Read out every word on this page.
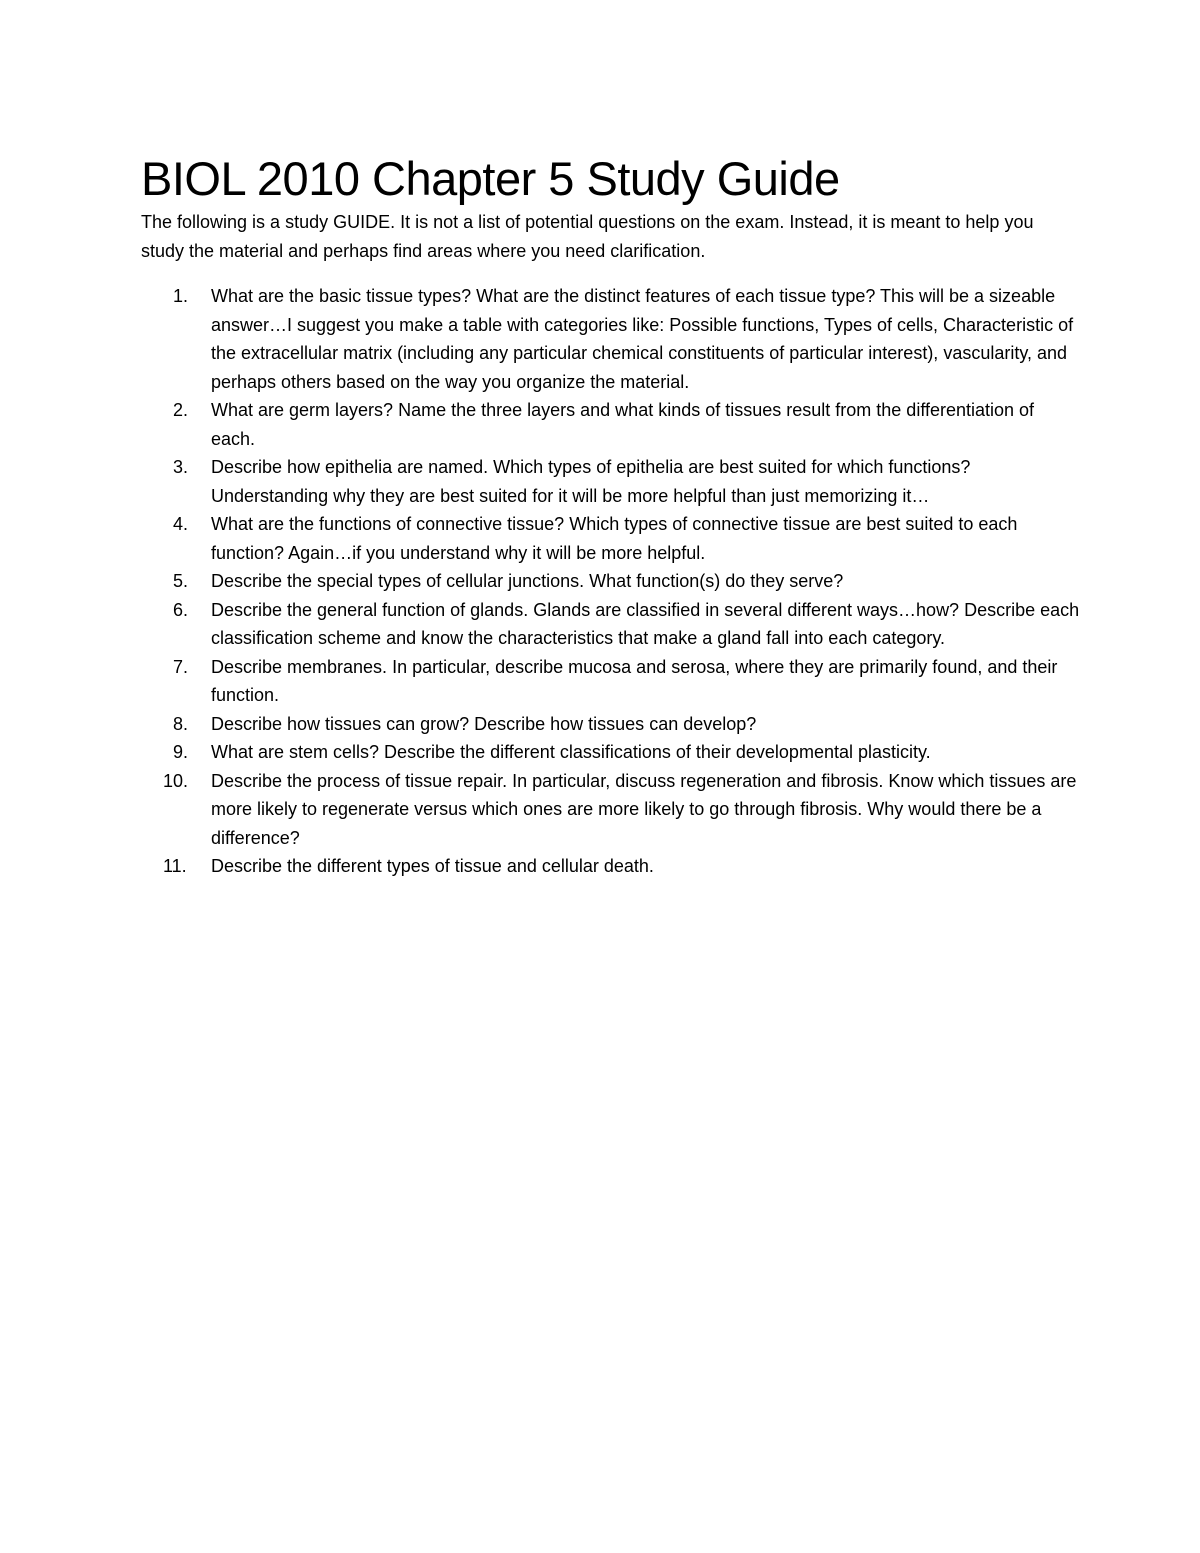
BIOL 2010 Chapter 5 Study Guide

The following is a study GUIDE. It is not a list of potential questions on the exam. Instead, it is meant to help you study the material and perhaps find areas where you need clarification.

1.	What are the basic tissue types? What are the distinct features of each tissue type? This will be a sizeable answer…I suggest you make a table with categories like: Possible functions, Types of cells, Characteristic of the extracellular matrix (including any particular chemical constituents of particular interest), vascularity, and perhaps others based on the way you organize the material.
2.	What are germ layers? Name the three layers and what kinds of tissues result from the differentiation of each.
3.	Describe how epithelia are named. Which types of epithelia are best suited for which functions? Understanding why they are best suited for it will be more helpful than just memorizing it…
4.	What are the functions of connective tissue? Which types of connective tissue are best suited to each function? Again…if you understand why it will be more helpful.
5.	Describe the special types of cellular junctions. What function(s) do they serve?
6.	Describe the general function of glands. Glands are classified in several different ways…how? Describe each classification scheme and know the characteristics that make a gland fall into each category.
7.	Describe membranes. In particular, describe mucosa and serosa, where they are primarily found, and their function.
8.	Describe how tissues can grow? Describe how tissues can develop?
9.	What are stem cells? Describe the different classifications of their developmental plasticity.
10. Describe the process of tissue repair. In particular, discuss regeneration and fibrosis. Know which tissues are more likely to regenerate versus which ones are more likely to go through fibrosis. Why would there be a difference?
11.	Describe the different types of tissue and cellular death.
